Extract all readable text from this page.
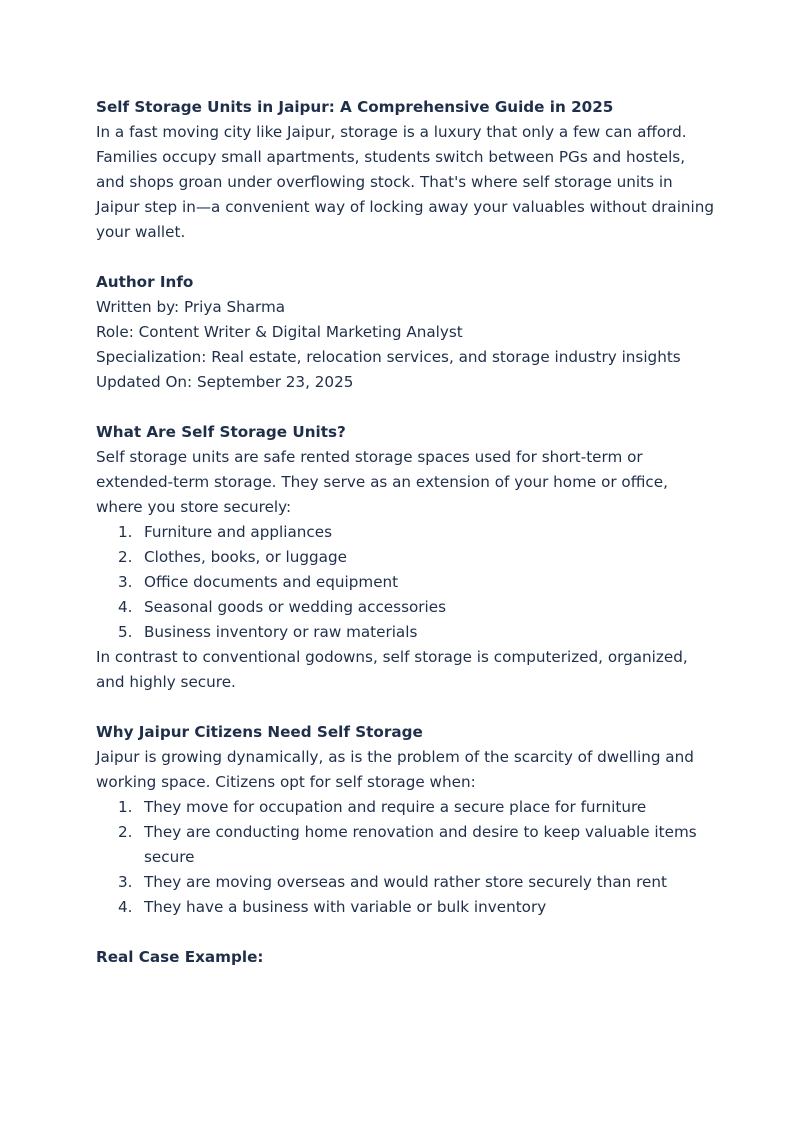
Self Storage Units in Jaipur: A Comprehensive Guide in 2025

In a fast moving city like Jaipur, storage is a luxury that only a few can afford.

Families occupy small apartments, students switch between PGs and hostels,

and shops groan under overflowing stock. That's where self storage units in

Jaipur step in—a convenient way of locking away your valuables without draining

your wallet.

Author Info

Written by: Priya Sharma

Role: Content Writer & Digital Marketing Analyst

Specialization: Real estate, relocation services, and storage industry insights

Updated On: September 23, 2025

What Are Self Storage Units?

Self storage units are safe rented storage spaces used for short-term or

extended-term storage. They serve as an extension of your home or office,

where you store securely:

1. Furniture and appliances
2. Clothes, books, or luggage
3. Office documents and equipment
4. Seasonal goods or wedding accessories
5. Business inventory or raw materials

In contrast to conventional godowns, self storage is computerized, organized,

and highly secure.

Why Jaipur Citizens Need Self Storage

Jaipur is growing dynamically, as is the problem of the scarcity of dwelling and

working space. Citizens opt for self storage when:

1. They move for occupation and require a secure place for furniture
2. They are conducting home renovation and desire to keep valuable items
secure
3. They are moving overseas and would rather store securely than rent
4. They have a business with variable or bulk inventory

Real Case Example:
